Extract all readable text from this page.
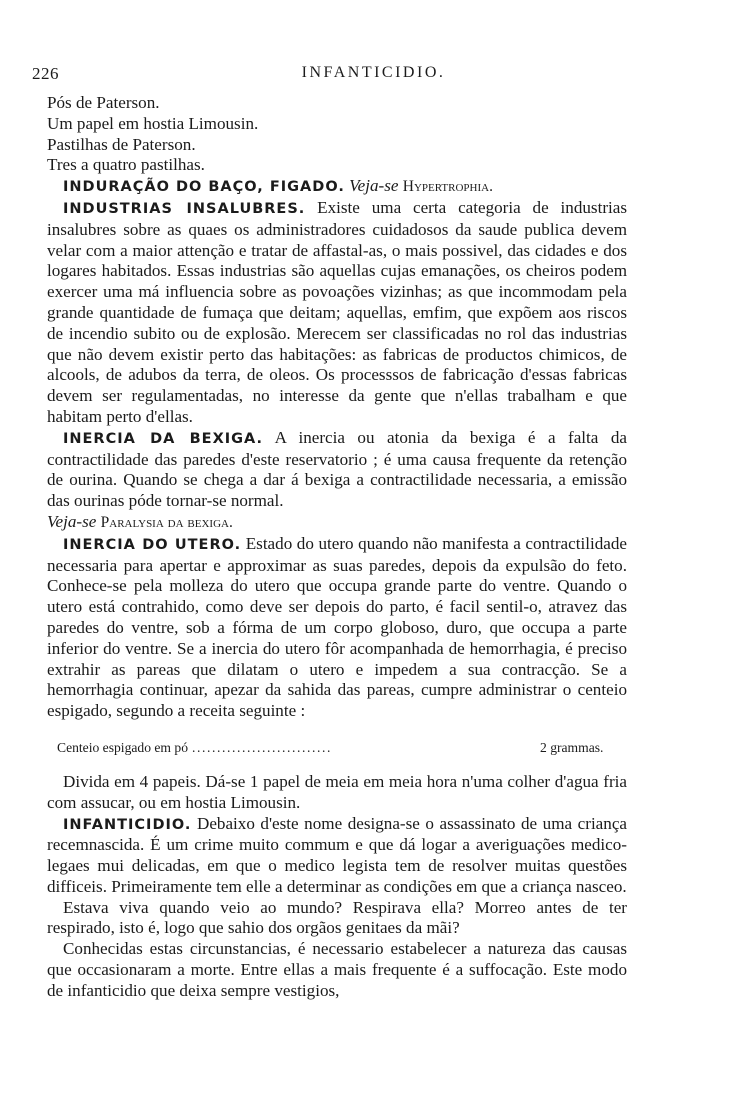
226	INFANTICIDIO.
Pós de Paterson.
Um papel em hostia Limousin.
Pastilhas de Paterson.
Tres a quatro pastilhas.

INDURAÇÃO DO BAÇO, FIGADO. Veja-se Hypertrophia.

INDUSTRIAS INSALUBRES. Existe uma certa categoria de industrias insalubres sobre as quaes os administradores cuidadosos da saude publica devem velar com a maior attenção e tratar de affastal-as, o mais possivel, das cidades e dos logares habitados. Essas industrias são aquellas cujas emanações, os cheiros podem exercer uma má influencia sobre as povoações vizinhas; as que incommodam pela grande quantidade de fumaça que deitam; aquellas, emfim, que expõem aos riscos de incendio subito ou de explosão. Merecem ser classificadas no rol das industrias que não devem existir perto das habitações: as fabricas de productos chimicos, de alcools, de adubos da terra, de oleos. Os processsos de fabricação d'essas fabricas devem ser regulamentadas, no interesse da gente que n'ellas trabalham e que habitam perto d'ellas.

INERCIA DA BEXIGA. A inercia ou atonia da bexiga é a falta da contractilidade das paredes d'este reservatorio ; é uma causa frequente da retenção de ourina. Quando se chega a dar á bexiga a contractilidade necessaria, a emissão das ourinas póde tornar-se normal.

Veja-se Paralysia da bexiga.

INERCIA DO UTERO. Estado do utero quando não manifesta a contractilidade necessaria para apertar e approximar as suas paredes, depois da expulsão do feto. Conhece-se pela molleza do utero que occupa grande parte do ventre. Quando o utero está contrahido, como deve ser depois do parto, é facil sentil-o, atravez das paredes do ventre, sob a fórma de um corpo globoso, duro, que occupa a parte inferior do ventre. Se a inercia do utero fôr acompanhada de hemorrhagia, é preciso extrahir as pareas que dilatam o utero e impedem a sua contracção. Se a hemorrhagia continuar, apezar da sahida das pareas, cumpre administrar o centeio espigado, segundo a receita seguinte :

Centeio espigado em pó ............................	2 grammas.

Divida em 4 papeis. Dá-se 1 papel de meia em meia hora n'uma colher d'agua fria com assucar, ou em hostia Limousin.

INFANTICIDIO. Debaixo d'este nome designa-se o assassinato de uma criança recemnascida. É um crime muito commum e que dá logar a averiguações medico-legaes mui delicadas, em que o medico legista tem de resolver muitas questões difficeis. Primeiramente tem elle a determinar as condições em que a criança nasceo.

Estava viva quando veio ao mundo? Respirava ella? Morreo antes de ter respirado, isto é, logo que sahio dos orgãos genitaes da mãi?

Conhecidas estas circunstancias, é necessario estabelecer a natureza das causas que occasionaram a morte. Entre ellas a mais frequente é a suffocação. Este modo de infanticidio que deixa sempre vestigios,
